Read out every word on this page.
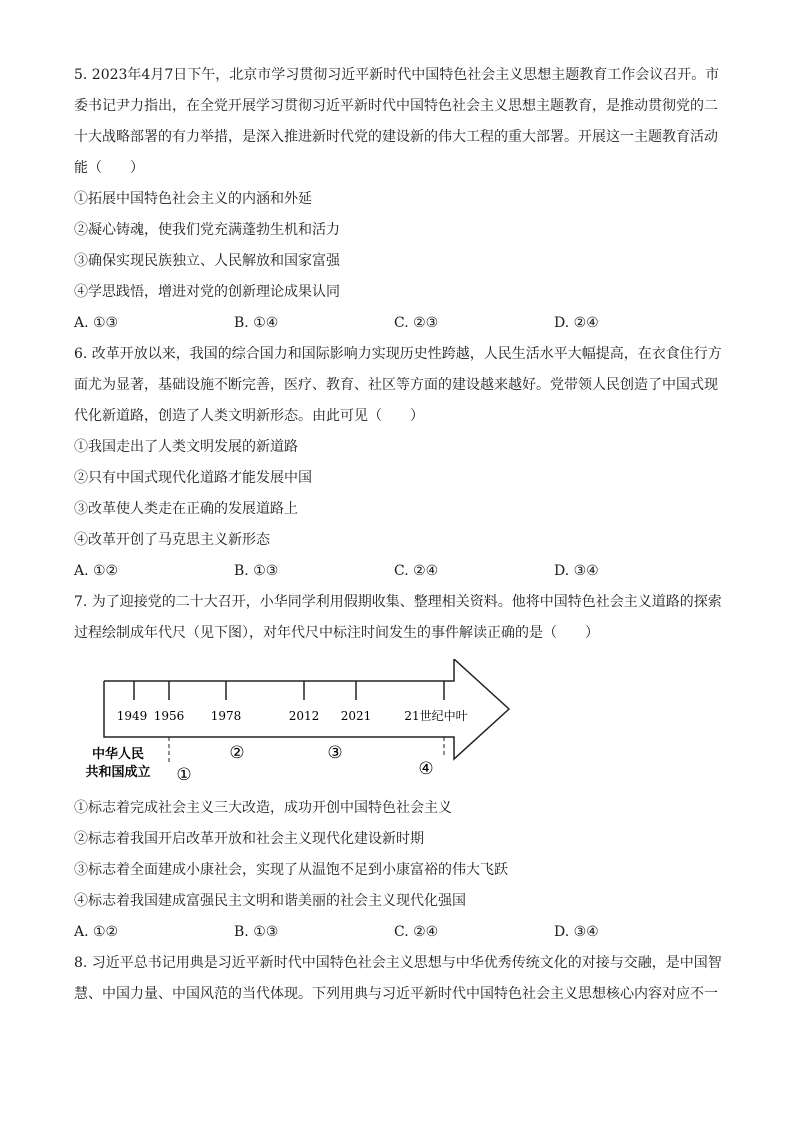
5. 2023年4月7日下午，北京市学习贯彻习近平新时代中国特色社会主义思想主题教育工作会议召开。市
委书记尹力指出，在全党开展学习贯彻习近平新时代中国特色社会主义思想主题教育，是推动贯彻党的二
十大战略部署的有力举措，是深入推进新时代党的建设新的伟大工程的重大部署。开展这一主题教育活动
能（　　）
①拓展中国特色社会主义的内涵和外延
②凝心铸魂，使我们党充满蓬勃生机和活力
③确保实现民族独立、人民解放和国家富强
④学思践悟，增进对党的创新理论成果认同
A. ①③	B. ①④	C. ②③	D. ②④
6. 改革开放以来，我国的综合国力和国际影响力实现历史性跨越，人民生活水平大幅提高，在衣食住行方
面尤为显著，基础设施不断完善，医疗、教育、社区等方面的建设越来越好。党带领人民创造了中国式现
代化新道路，创造了人类文明新形态。由此可见（　　）
①我国走出了人类文明发展的新道路
②只有中国式现代化道路才能发展中国
③改革使人类走在正确的发展道路上
④改革开创了马克思主义新形态
A. ①②	B. ①③	C. ②④	D. ③④
7. 为了迎接党的二十大召开，小华同学利用假期收集、整理相关资料。他将中国特色社会主义道路的探索
过程绘制成年代尺（见下图），对年代尺中标注时间发生的事件解读正确的是（　　）
1949 1956 1978	2012 2021	21世纪中叶
中华人民
共和国成立 ①
②	③
④
①标志着完成社会主义三大改造，成功开创中国特色社会主义
②标志着我国开启改革开放和社会主义现代化建设新时期
③标志着全面建成小康社会，实现了从温饱不足到小康富裕的伟大飞跃
④标志着我国建成富强民主文明和谐美丽的社会主义现代化强国
A. ①②	B. ①③	C. ②④	D. ③④
8. 习近平总书记用典是习近平新时代中国特色社会主义思想与中华优秀传统文化的对接与交融，是中国智
慧、中国力量、中国风范的当代体现。下列用典与习近平新时代中国特色社会主义思想核心内容对应不一
